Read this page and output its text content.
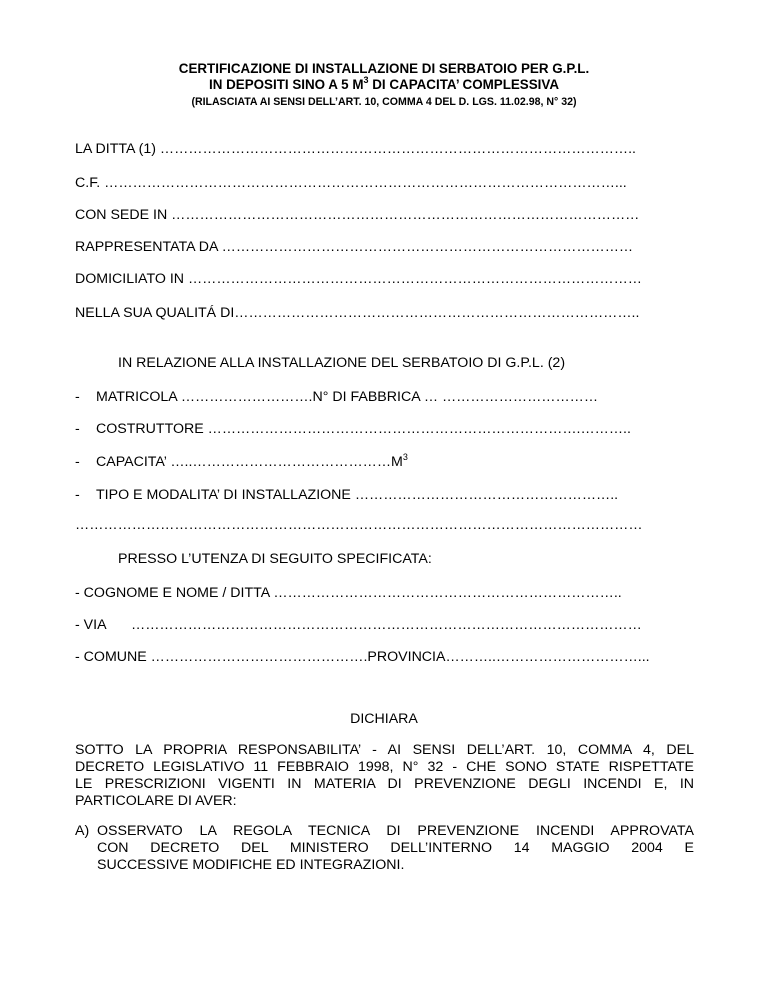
CERTIFICAZIONE DI INSTALLAZIONE DI SERBATOIO PER G.P.L.
IN DEPOSITI SINO A 5 $M^3$ DI CAPACITA’ COMPLESSIVA
(RILASCIATA AI SENSI DELL’ART. 10, COMMA 4 DEL D. LGS. 11.02.98, N° 32)
LA DITTA (1) ………………………………………………………………………………………..
C.F. ………………………………………………………………………………………………...
CON SEDE IN ………………………………………………………………………………………
RAPPRESENTATA DA ……………………………………………………………………………
DOMICILIATO IN ……………………………………………………………………………………
NELLA SUA QUALITÁ DI…………………………………………………………………………..
IN RELAZIONE ALLA INSTALLAZIONE DEL SERBATOIO DI G.P.L. (2)
- MATRICOLA ……………………….N° DI FABBRICA … ……………………………
- COSTRUTTORE …………………………………………………………………….………..
- CAPACITA’ $\dots..\dots\dots\dots\dots\dots\dots\dots\dots\dots\dots\dots\dots\dots\dots M^3$
- TIPO E MODALITA’ DI INSTALLAZIONE ………………………………………………..
…………………………………………………………………………………………………………
PRESSO L’UTENZA DI SEGUITO SPECIFICATA:
- COGNOME E NOME / DITTA ………………………………………………………………..
- VIA ………………………………………………………………………………………………
- COMUNE ……………………………………….PROVINCIA………..…………………………...
DICHIARA
SOTTO LA PROPRIA RESPONSABILITA’ - AI SENSI DELL’ART. 10, COMMA 4, DEL
DECRETO LEGISLATIVO 11 FEBBRAIO 1998, N° 32 - CHE SONO STATE RISPETTATE
LE PRESCRIZIONI VIGENTI IN MATERIA DI PREVENZIONE DEGLI INCENDI E, IN
PARTICOLARE DI AVER:
A) OSSERVATO LA REGOLA TECNICA DI PREVENZIONE INCENDI APPROVATA
CON DECRETO DEL MINISTERO DELL’INTERNO 14 MAGGIO 2004 E
SUCCESSIVE MODIFICHE ED INTEGRAZIONI.
